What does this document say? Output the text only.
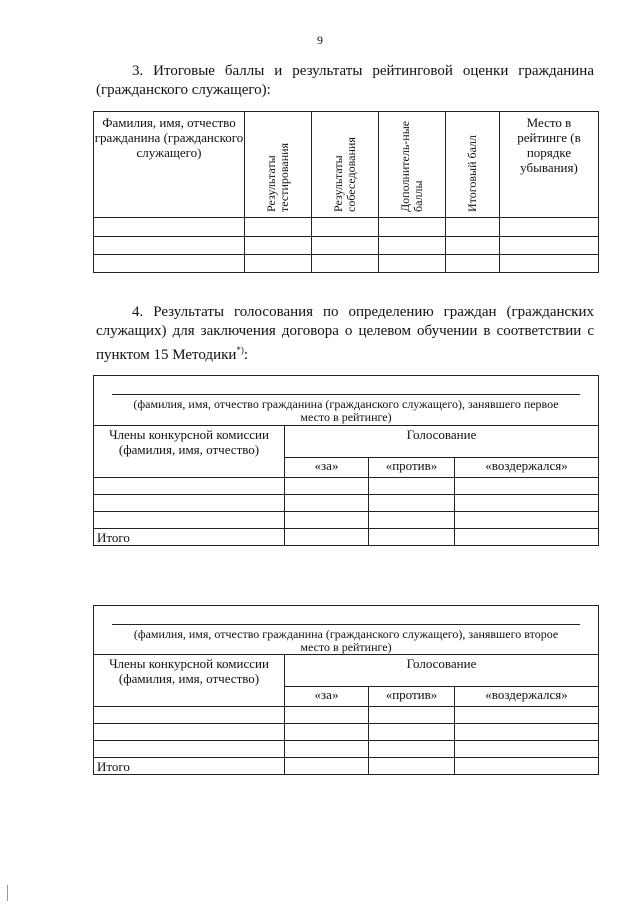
9
3. Итоговые баллы и результаты рейтинговой оценки гражданина (гражданского служащего):
Фамилия, имя, отчество гражданина (гражданского служащего)	Результаты тестирования	Результаты собеседования	Дополнитель-ные баллы	Итоговый балл	Место в рейтинге (в порядке убывания)

4. Результаты голосования по определению граждан (гражданских служащих) для заключения договора о целевом обучении в соответствии с пунктом 15 Методики*):
(фамилия, имя, отчество гражданина (гражданского служащего), занявшего первое место в рейтинге)			

Члены конкурсной комиссии (фамилия, имя, отчество)	Голосование		

	«за»	«против»	«воздержался»

Итого			
(фамилия, имя, отчество гражданина (гражданского служащего), занявшего второе место в рейтинге)			

Члены конкурсной комиссии (фамилия, имя, отчество)	Голосование		

	«за»	«против»	«воздержался»

Итого			
